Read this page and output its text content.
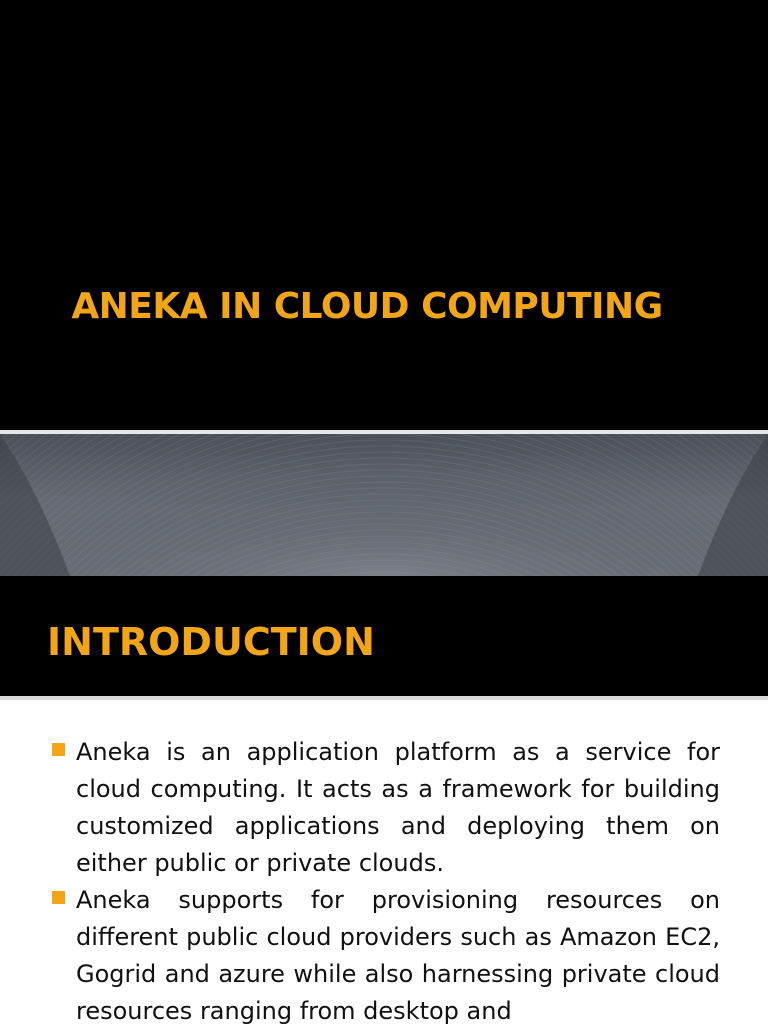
ANEKA IN CLOUD COMPUTING
INTRODUCTION
Aneka is an application platform as a service for cloud computing. It acts as a framework for building customized applications and deploying them on either public or private clouds.
Aneka supports for provisioning resources on different public cloud providers such as Amazon EC2, Gogrid and azure while also harnessing private cloud resources ranging from desktop and
